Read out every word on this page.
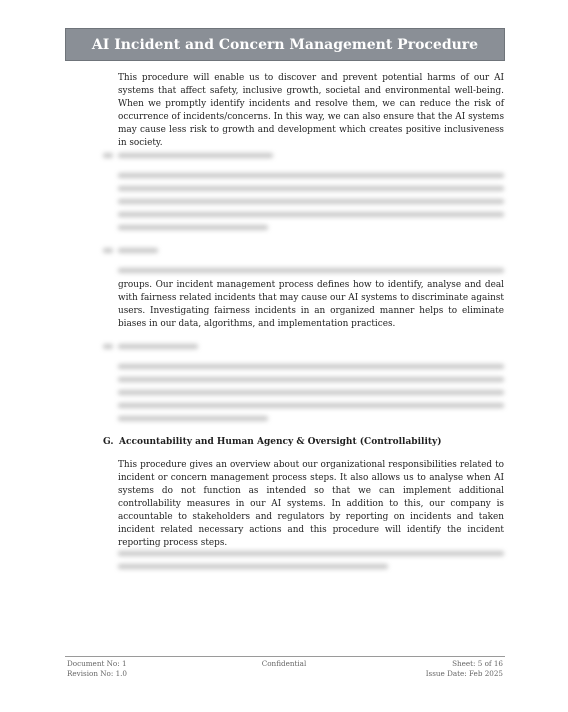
AI Incident and Concern Management Procedure

This procedure will enable us to discover and prevent potential harms of our AI systems that affect safety, inclusive growth, societal and environmental well-being. When we promptly identify incidents and resolve them, we can reduce the risk of occurrence of incidents/concerns. In this way, we can also ensure that the AI systems may cause less risk to growth and development which creates positive inclusiveness in society.

groups. Our incident management process defines how to identify, analyse and deal with fairness related incidents that may cause our AI systems to discriminate against users. Investigating fairness incidents in an organized manner helps to eliminate biases in our data, algorithms, and implementation practices.

G. Accountability and Human Agency & Oversight (Controllability)

This procedure gives an overview about our organizational responsibilities related to incident or concern management process steps. It also allows us to analyse when AI systems do not function as intended so that we can implement additional controllability measures in our AI systems. In addition to this, our company is accountable to stakeholders and regulators by reporting on incidents and taken incident related necessary actions and this procedure will identify the incident reporting process steps.

Document No: 1
Revision No: 1.0
Confidential	Sheet: 5 of 16
Issue Date: Feb 2025
